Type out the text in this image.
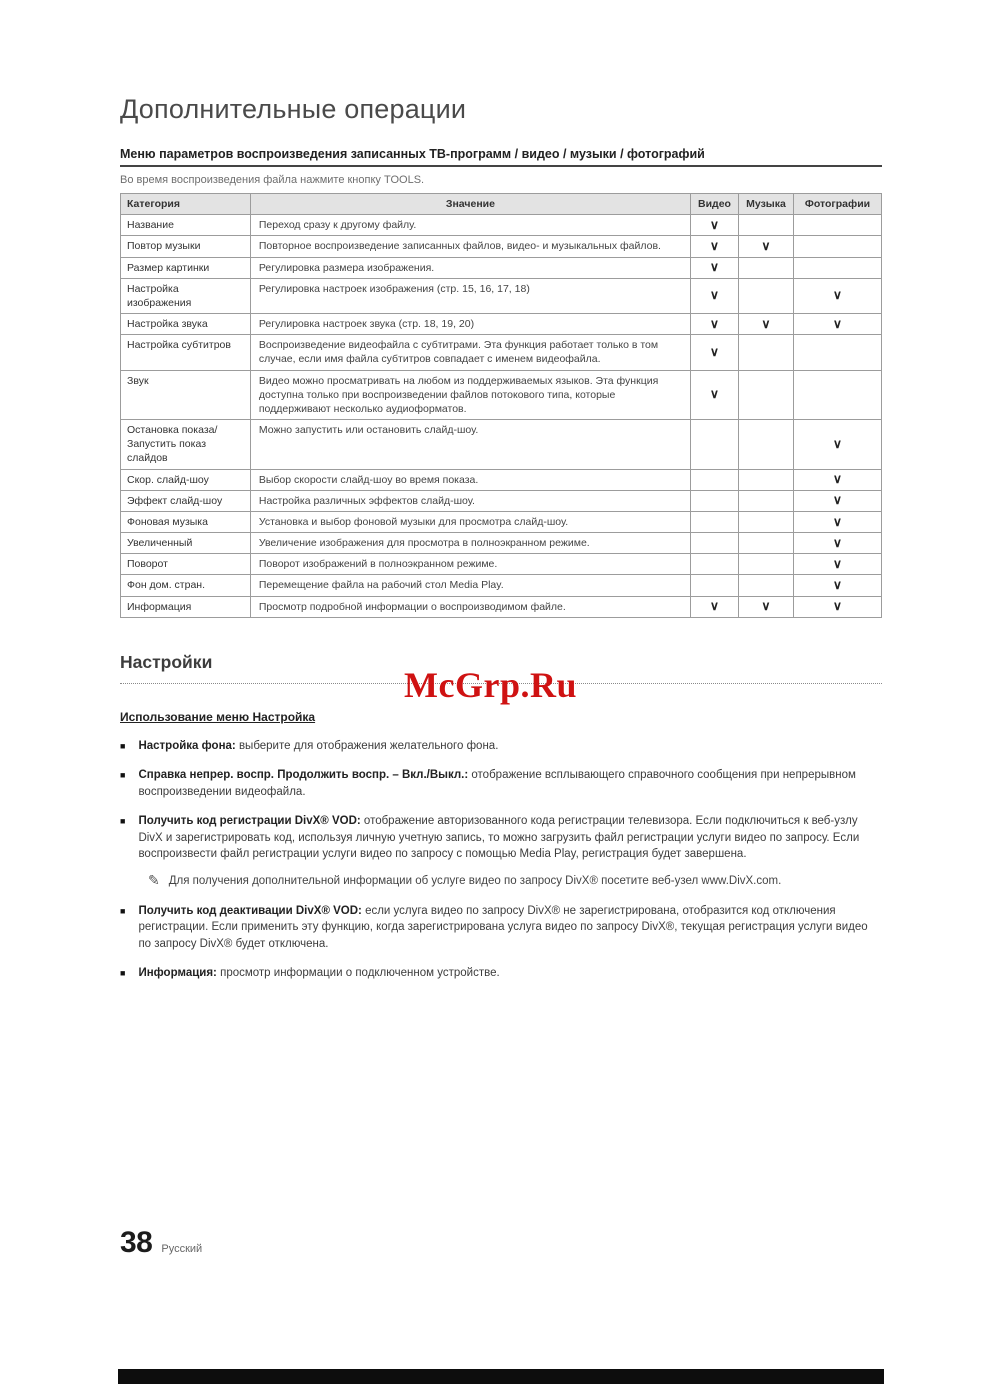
Дополнительные операции
Меню параметров воспроизведения записанных ТВ-программ / видео / музыки / фотографий

Во время воспроизведения файла нажмите кнопку TOOLS.

Категория	Значение	Видео	Музыка	Фотографии
Название	Переход сразу к другому файлу.	∨		
Повтор музыки	Повторное воспроизведение записанных файлов, видео- и музыкальных файлов.	∨	∨	
Размер картинки	Регулировка размера изображения.	∨		
Настройка изображения	Регулировка настроек изображения (стр. 15, 16, 17, 18)	∨		∨
Настройка звука	Регулировка настроек звука (стр. 18, 19, 20)	∨	∨	∨
Настройка субтитров	Воспроизведение видеофайла с субтитрами. Эта функция работает только в том случае, если имя файла субтитров совпадает с именем видеофайла.	∨		
Звук	Видео можно просматривать на любом из поддерживаемых языков. Эта функция доступна только при воспроизведении файлов потокового типа, которые поддерживают несколько аудиоформатов.	∨		
Остановка показа/ Запустить показ слайдов	Можно запустить или остановить слайд-шоу.			∨
Скор. слайд-шоу	Выбор скорости слайд-шоу во время показа.			∨
Эффект слайд-шоу	Настройка различных эффектов слайд-шоу.			∨
Фоновая музыка	Установка и выбор фоновой музыки для просмотра слайд-шоу.			∨
Увеличенный	Увеличение изображения для просмотра в полноэкранном режиме.			∨
Поворот	Поворот изображений в полноэкранном режиме.			∨
Фон дом. стран.	Перемещение файла на рабочий стол Media Play.			∨
Информация	Просмотр подробной информации о воспроизводимом файле.	∨	∨	∨
Настройки
Использование меню Настройка
■ Настройка фона: выберите для отображения желательного фона.
■ Справка непрер. воспр. Продолжить воспр. – Вкл./Выкл.: отображение всплывающего справочного сообщения при непрерывном воспроизведении видеофайла.
■ Получить код регистрации DivX® VOD: отображение авторизованного кода регистрации телевизора. Если подключиться к веб-узлу DivX и зарегистрировать код, используя личную учетную запись, то можно загрузить файл регистрации услуги видео по запросу. Если воспроизвести файл регистрации услуги видео по запросу с помощью Media Play, регистрация будет завершена.
✎ Для получения дополнительной информации об услуге видео по запросу DivX® посетите веб-узел www.DivX.com.
■ Получить код деактивации DivX® VOD: если услуга видео по запросу DivX® не зарегистрирована, отобразится код отключения регистрации. Если применить эту функцию, когда зарегистрирована услуга видео по запросу DivX®, текущая регистрация услуги видео по запросу DivX® будет отключена.
■ Информация: просмотр информации о подключенном устройстве.
McGrp.Ru
38 Русский
